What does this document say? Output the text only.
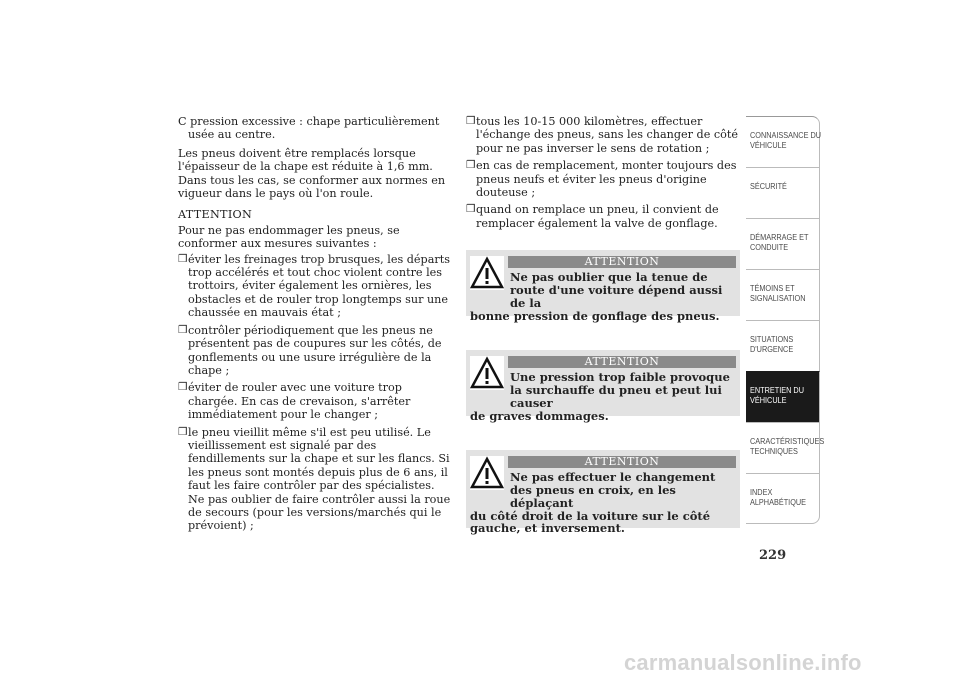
C pression excessive : chape particulièrement usée au centre.

Les pneus doivent être remplacés lorsque l'épaisseur de la chape est réduite à 1,6 mm. Dans tous les cas, se conformer aux normes en vigueur dans le pays où l'on roule.

ATTENTION

Pour ne pas endommager les pneus, se conformer aux mesures suivantes :

❒ éviter les freinages trop brusques, les départs trop accélérés et tout choc violent contre les trottoirs, éviter également les ornières, les obstacles et de rouler trop longtemps sur une chaussée en mauvais état ;
❒ contrôler périodiquement que les pneus ne présentent pas de coupures sur les côtés, de gonflements ou une usure irrégulière de la chape ;
❒ éviter de rouler avec une voiture trop chargée. En cas de crevaison, s'arrêter immédiatement pour le changer ;
❒ le pneu vieillit même s'il est peu utilisé. Le vieillissement est signalé par des fendillements sur la chape et sur les flancs. Si les pneus sont montés depuis plus de 6 ans, il faut les faire contrôler par des spécialistes. Ne pas oublier de faire contrôler aussi la roue de secours (pour les versions/marchés qui le prévoient) ;
❒ tous les 10-15 000 kilomètres, effectuer l'échange des pneus, sans les changer de côté pour ne pas inverser le sens de rotation ;
❒ en cas de remplacement, monter toujours des pneus neufs et éviter les pneus d'origine douteuse ;
❒ quand on remplace un pneu, il convient de remplacer également la valve de gonflage.
ATTENTION
Ne pas oublier que la tenue de route d'une voiture dépend aussi de la
bonne pression de gonflage des pneus.
ATTENTION
Une pression trop faible provoque la surchauffe du pneu et peut lui causer
de graves dommages.
ATTENTION
Ne pas effectuer le changement des pneus en croix, en les déplaçant
du côté droit de la voiture sur le côté gauche, et inversement.
CONNAISSANCE DU
VÉHICULE
SÉCURITÉ
DÉMARRAGE ET
CONDUITE
TÉMOINS ET
SIGNALISATION
SITUATIONS
D'URGENCE
ENTRETIEN DU
VÉHICULE
CARACTÉRISTIQUES
TECHNIQUES
INDEX
ALPHABÉTIQUE
229
carmanualsonline.info
